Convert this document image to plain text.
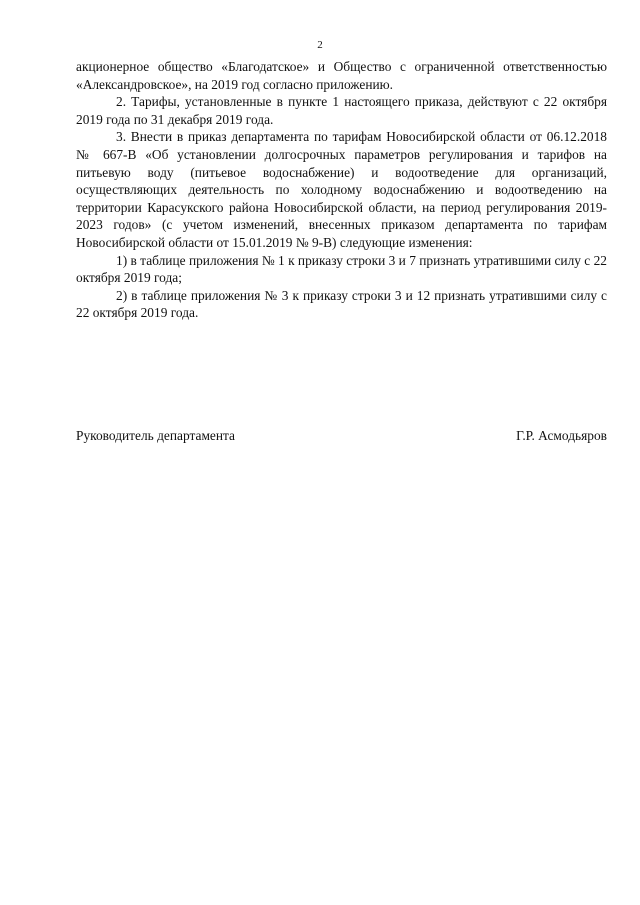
2

акционерное общество «Благодатское» и Общество с ограниченной ответственностью «Александровское», на 2019 год согласно приложению.

2. Тарифы, установленные в пункте 1 настоящего приказа, действуют с 22 октября 2019 года по 31 декабря 2019 года.

3. Внести в приказ департамента по тарифам Новосибирской области от 06.12.2018 № 667-В «Об установлении долгосрочных параметров регулирования и тарифов на питьевую воду (питьевое водоснабжение) и водоотведение для организаций, осуществляющих деятельность по холодному водоснабжению и водоотведению на территории Карасукского района Новосибирской области, на период регулирования 2019-2023 годов» (с учетом изменений, внесенных приказом департамента по тарифам Новосибирской области от 15.01.2019 № 9-В) следующие изменения:

1) в таблице приложения № 1 к приказу строки 3 и 7 признать утратившими силу с 22 октября 2019 года;

2) в таблице приложения № 3 к приказу строки 3 и 12 признать утратившими силу с 22 октября 2019 года.

Руководитель департамента	Г.Р. Асмодьяров
